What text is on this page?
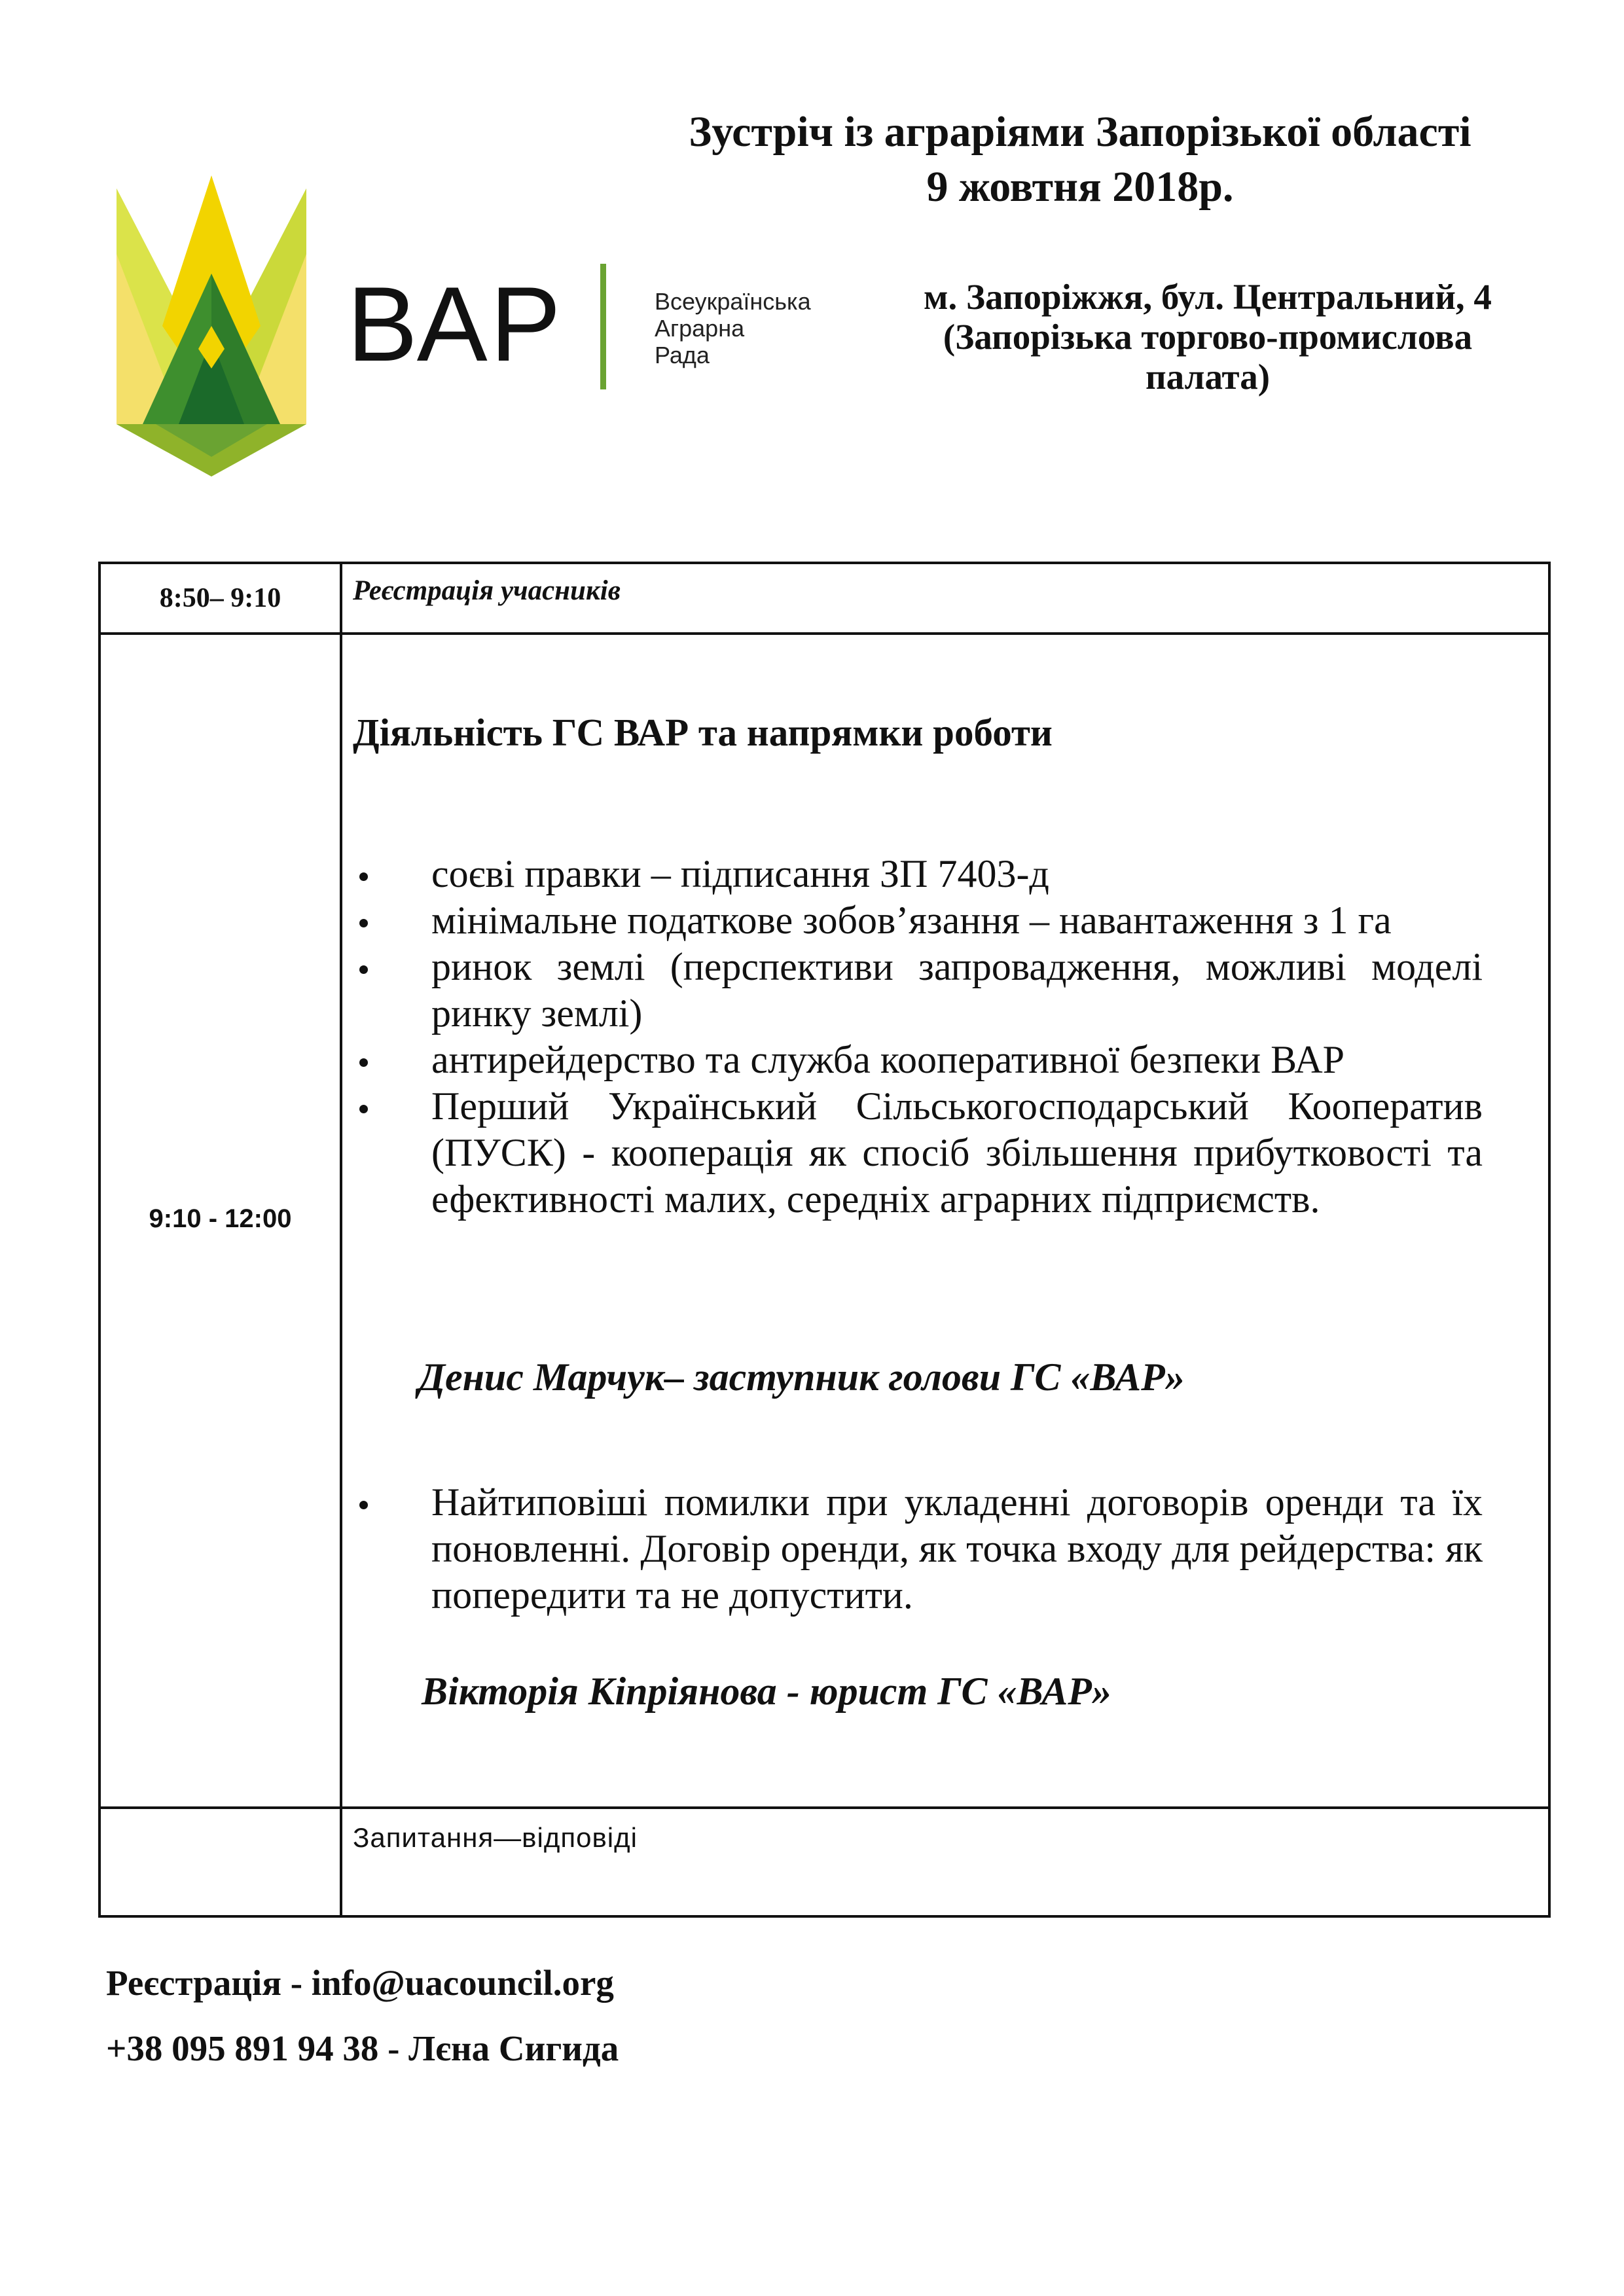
ВАР	Всеукраїнська
Аграрна
Рада
Зустріч із аграріями Запорізької області
9 жовтня 2018р.
м. Запоріжжя, бул. Центральний, 4
(Запорізька торгово-промислова
палата)
8:50– 9:10	Реєстрація учасників
9:10 - 12:00
Діяльність ГС ВАР та напрямки роботи
соєві правки – підписання ЗП 7403-д
мінімальне податкове зобов’язання – навантаження з 1 га
ринок землі (перспективи запровадження, можливі моделі ринку землі)
антирейдерство та служба кооперативної безпеки ВАР
Перший Український Сільськогосподарський Кооператив (ПУСК) - кооперація як спосіб збільшення прибутковості та ефективності малих, середніх аграрних підприємств.
Денис Марчук– заступник голови ГС «ВАР»
Найтиповіші помилки при укладенні договорів оренди та їх поновленні. Договір оренди, як точка входу для рейдерства: як попередити та не допустити.
Вікторія Кіпріянова - юрист ГС «ВАР»
Запитання—відповіді
Реєстрація - info@uacouncil.org
+38 095 891 94 38 - Лєна Сигида
